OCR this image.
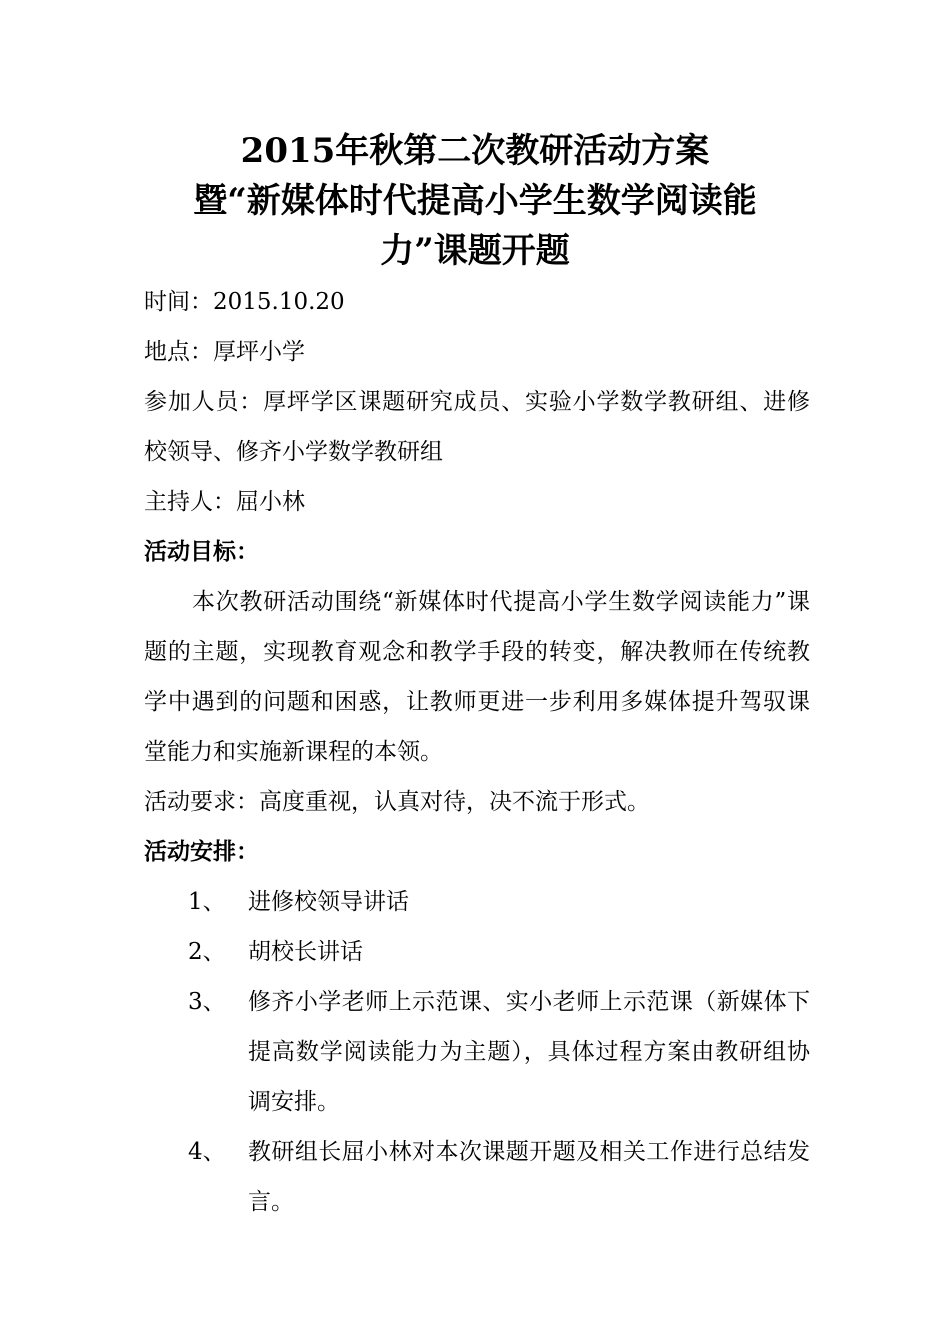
2015年秋第二次教研活动方案
暨“新媒体时代提高小学生数学阅读能
力”课题开题

时间：2015.10.20

地点：厚坪小学

参加人员：厚坪学区课题研究成员、实验小学数学教研组、进修校领导、修齐小学数学教研组

主持人：屈小林

活动目标：

本次教研活动围绕“新媒体时代提高小学生数学阅读能力”课题的主题，实现教育观念和教学手段的转变，解决教师在传统教学中遇到的问题和困惑，让教师更进一步利用多媒体提升驾驭课堂能力和实施新课程的本领。

活动要求：高度重视，认真对待，决不流于形式。

活动安排：

1、 进修校领导讲话
2、 胡校长讲话
3、 修齐小学老师上示范课、实小老师上示范课（新媒体下提高数学阅读能力为主题），具体过程方案由教研组协调安排。
4、 教研组长屈小林对本次课题开题及相关工作进行总结发言。
